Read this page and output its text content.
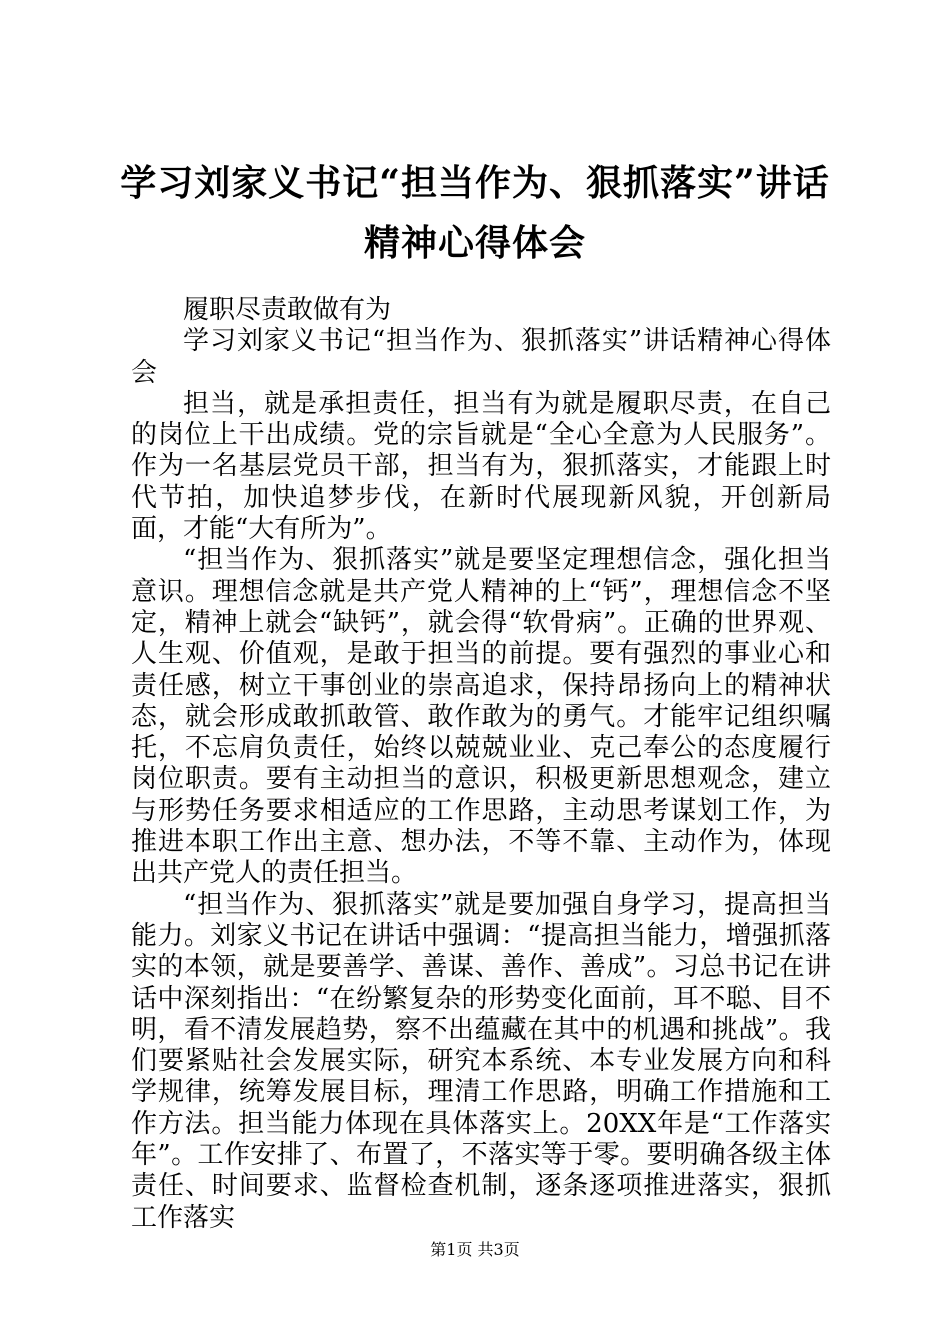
学习刘家义书记“担当作为、狠抓落实”讲话
精神心得体会

履职尽责敢做有为

学习刘家义书记“担当作为、狠抓落实”讲话精神心得体会

担当，就是承担责任，担当有为就是履职尽责，在自己的岗位上干出成绩。党的宗旨就是“全心全意为人民服务”。作为一名基层党员干部，担当有为，狠抓落实，才能跟上时代节拍，加快追梦步伐，在新时代展现新风貌，开创新局面，才能“大有所为”。

“担当作为、狠抓落实”就是要坚定理想信念，强化担当意识。理想信念就是共产党人精神的上“钙”，理想信念不坚定，精神上就会“缺钙”，就会得“软骨病”。正确的世界观、人生观、价值观，是敢于担当的前提。要有强烈的事业心和责任感，树立干事创业的崇高追求，保持昂扬向上的精神状态，就会形成敢抓敢管、敢作敢为的勇气。才能牢记组织嘱托，不忘肩负责任，始终以兢兢业业、克己奉公的态度履行岗位职责。要有主动担当的意识，积极更新思想观念，建立与形势任务要求相适应的工作思路，主动思考谋划工作，为推进本职工作出主意、想办法，不等不靠、主动作为，体现出共产党人的责任担当。

“担当作为、狠抓落实”就是要加强自身学习，提高担当能力。刘家义书记在讲话中强调：“提高担当能力，增强抓落实的本领，就是要善学、善谋、善作、善成”。习总书记在讲话中深刻指出：“在纷繁复杂的形势变化面前，耳不聪、目不明，看不清发展趋势，察不出蕴藏在其中的机遇和挑战”。我们要紧贴社会发展实际，研究本系统、本专业发展方向和科学规律，统筹发展目标，理清工作思路，明确工作措施和工作方法。担当能力体现在具体落实上。20XX年是“工作落实年”。工作安排了、布置了，不落实等于零。要明确各级主体责任、时间要求、监督检查机制，逐条逐项推进落实，狠抓工作落实

第1页 共3页
